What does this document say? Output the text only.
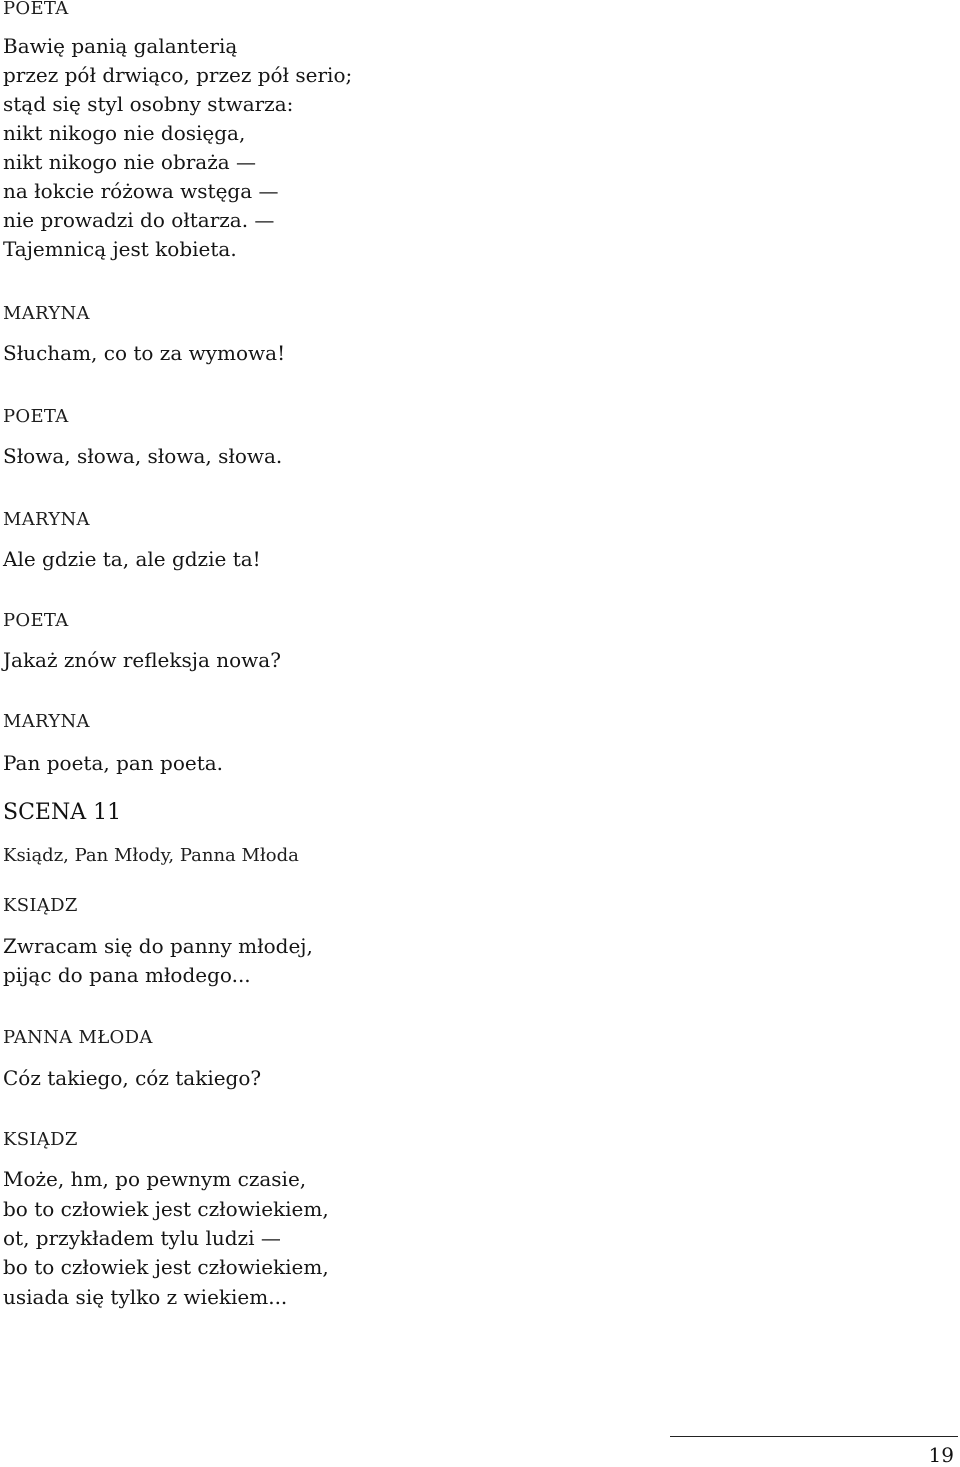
POETA
Bawię panią galanterią
przez pół drwiąco, przez pół serio;
stąd się styl osobny stwarza:
nikt nikogo nie dosięga,
nikt nikogo nie obraża —
na łokcie różowa wstęga —
nie prowadzi do ołtarza. —
Tajemnicą jest kobieta.
MARYNA
Słucham, co to za wymowa!
POETA
Słowa, słowa, słowa, słowa.
MARYNA
Ale gdzie ta, ale gdzie ta!
POETA
Jakaż znów refleksja nowa?
MARYNA
Pan poeta, pan poeta.
SCENA 11
Ksiądz, Pan Młody, Panna Młoda
KSIĄDZ
Zwracam się do panny młodej,
pijąc do pana młodego...
PANNA MŁODA
Cóz takiego, cóz takiego?
KSIĄDZ
Może, hm, po pewnym czasie,
bo to człowiek jest człowiekiem,
ot, przykładem tylu ludzi —
bo to człowiek jest człowiekiem,
usiada się tylko z wiekiem...
19
